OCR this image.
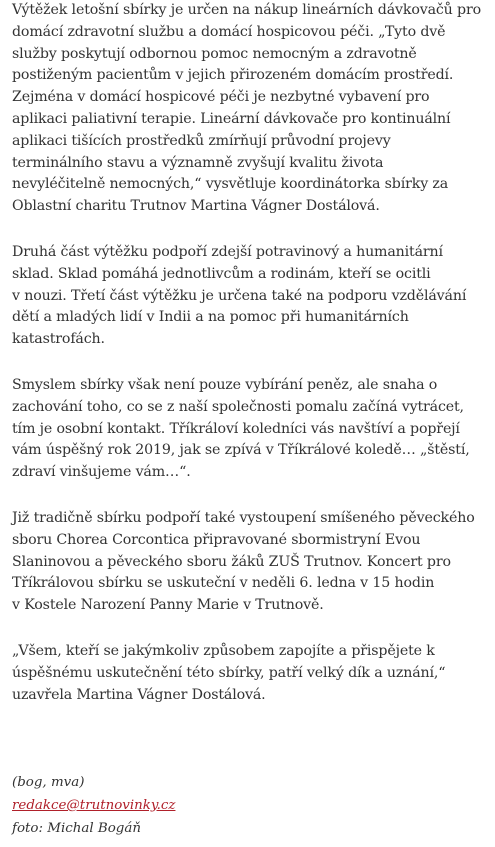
Výtěžek letošní sbírky je určen na nákup lineárních dávkovačů pro
domácí zdravotní službu a domácí hospicovou péči. „Tyto dvě
služby poskytují odbornou pomoc nemocným a zdravotně
postiženým pacientům v jejich přirozeném domácím prostředí.
Zejména v domácí hospicové péči je nezbytné vybavení pro
aplikaci paliativní terapie. Lineární dávkovače pro kontinuální
aplikaci tišících prostředků zmírňují průvodní projevy
terminálního stavu a významně zvyšují kvalitu života
nevyléčitelně nemocných,“ vysvětluje koordinátorka sbírky za
Oblastní charitu Trutnov Martina Vágner Dostálová.

Druhá část výtěžku podpoří zdejší potravinový a humanitární
sklad. Sklad pomáhá jednotlivcům a rodinám, kteří se ocitli
v nouzi. Třetí část výtěžku je určena také na podporu vzdělávání
dětí a mladých lidí v Indii a na pomoc při humanitárních
katastrofách.

Smyslem sbírky však není pouze vybírání peněz, ale snaha o
zachování toho, co se z naší společnosti pomalu začíná vytrácet,
tím je osobní kontakt. Tříkráloví koledníci vás navštíví a popřejí
vám úspěšný rok 2019, jak se zpívá v Tříkrálové koledě… „štěstí,
zdraví vinšujeme vám…“.

Již tradičně sbírku podpoří také vystoupení smíšeného pěveckého
sboru Chorea Corcontica připravované sbormistryní Evou
Slaninovou a pěveckého sboru žáků ZUŠ Trutnov. Koncert pro
Tříkrálovou sbírku se uskuteční v neděli 6. ledna v 15 hodin
v Kostele Narození Panny Marie v Trutnově.

„Všem, kteří se jakýmkoliv způsobem zapojíte a přispějete k
úspěšnému uskutečnění této sbírky, patří velký dík a uznání,“
uzavřela Martina Vágner Dostálová.

(bog, mva)
redakce@trutnovinky.cz
foto: Michal Bogáň
